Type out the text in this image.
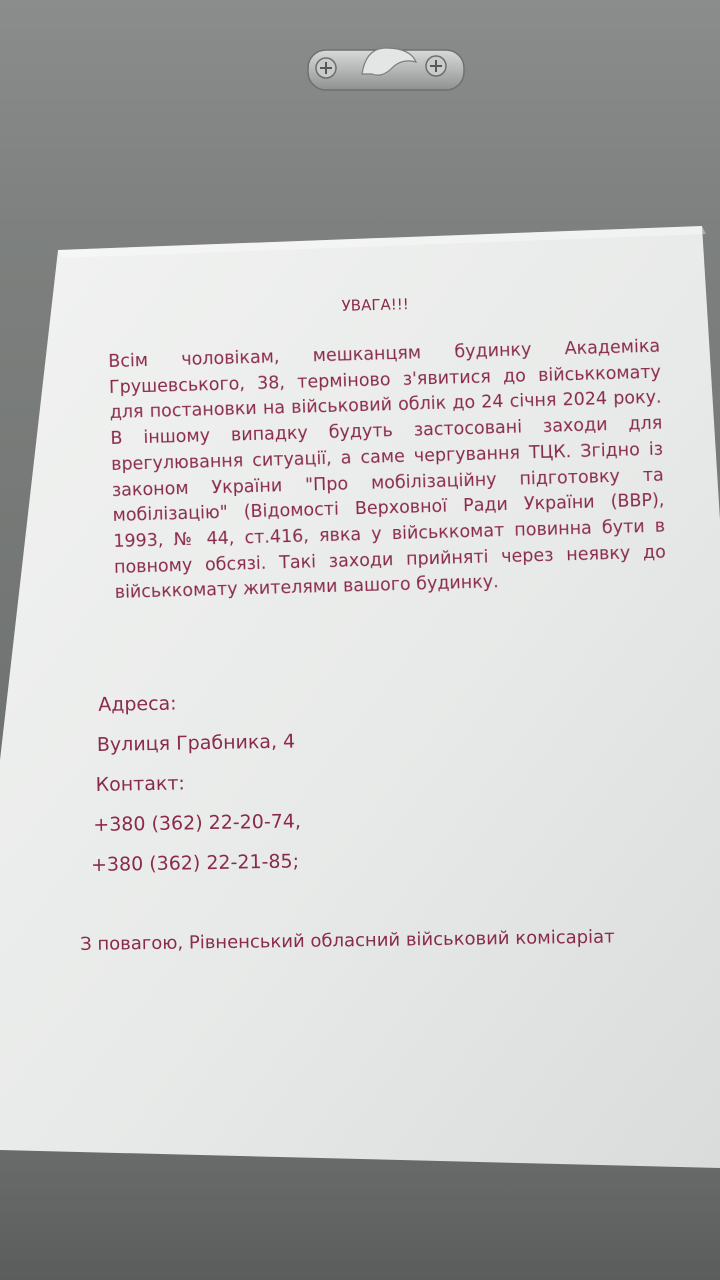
УВАГА!!!
Всім чоловікам, мешканцям будинку Академіка Грушевського, 38, терміново з'явитися до військкомату для постановки на військовий облік до 24 січня 2024 року. В іншому випадку будуть застосовані заходи для врегулювання ситуації, а саме чергування ТЦК. Згідно із законом України "Про мобілізаційну підготовку та мобілізацію" (Відомості Верховної Ради України (ВВР), 1993, № 44, ст.416, явка у військкомат повинна бути в повному обсязі. Такі заходи прийняті через неявку до військкомату жителями вашого будинку.
Адреса:
Вулиця Грабника, 4
Контакт:
+380 (362) 22-20-74,
+380 (362) 22-21-85;
З повагою, Рівненський обласний військовий комісаріат
